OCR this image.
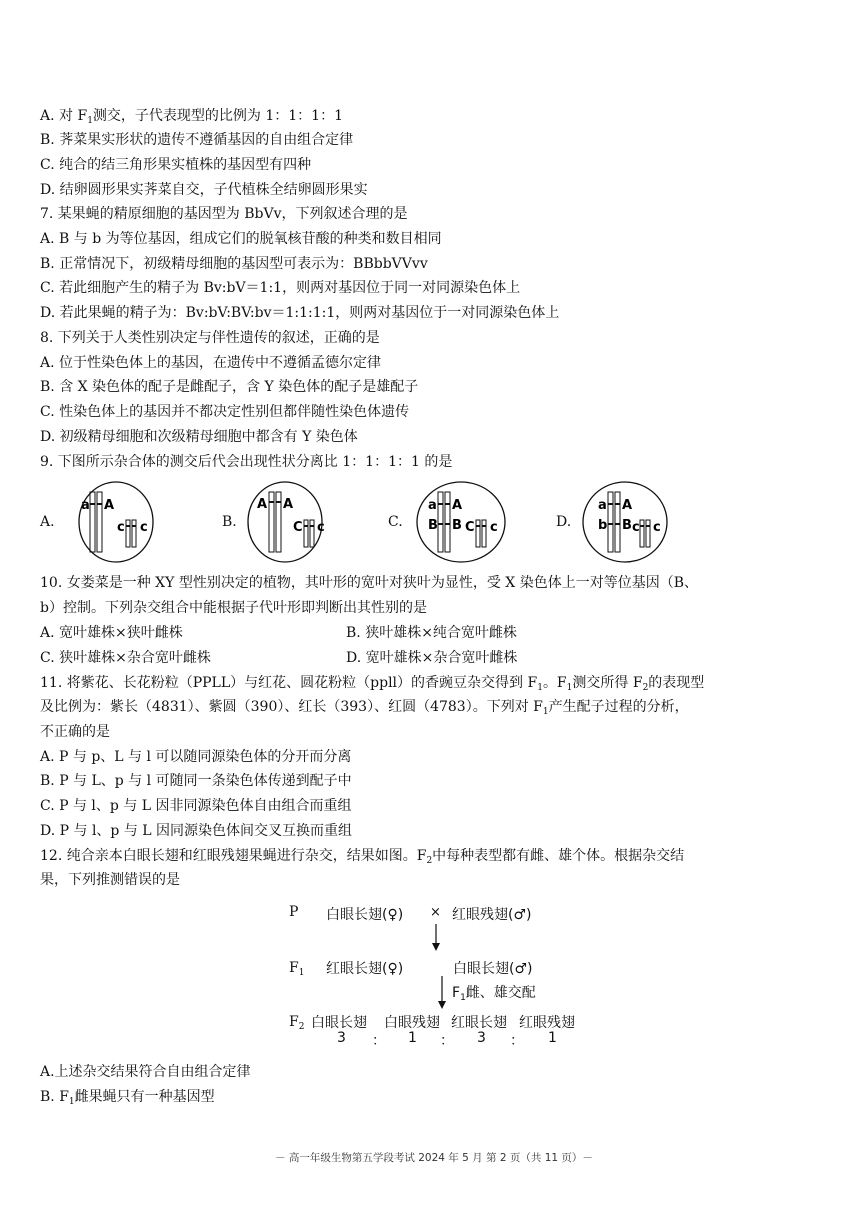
A. 对 $F_1$测交，子代表现型的比例为 1：1：1：1
B. 荠菜果实形状的遗传不遵循基因的自由组合定律
C. 纯合的结三角形果实植株的基因型有四种
D. 结卵圆形果实荠菜自交，子代植株全结卵圆形果实
7. 某果蝇的精原细胞的基因型为 BbVv，下列叙述合理的是
A. B 与 b 为等位基因，组成它们的脱氧核苷酸的种类和数目相同
B. 正常情况下，初级精母细胞的基因型可表示为：BBbbVVvv
C. 若此细胞产生的精子为 Bv:bV＝1:1，则两对基因位于同一对同源染色体上
D. 若此果蝇的精子为：Bv:bV:BV:bv＝1:1:1:1，则两对基因位于一对同源染色体上
8. 下列关于人类性别决定与伴性遗传的叙述，正确的是
A. 位于性染色体上的基因，在遗传中不遵循孟德尔定律
B. 含 X 染色体的配子是雌配子，含 Y 染色体的配子是雄配子
C. 性染色体上的基因并不都决定性别但都伴随性染色体遗传
D. 初级精母细胞和次级精母细胞中都含有 Y 染色体
9. 下图所示杂合体的测交后代会出现性状分离比 1：1：1：1 的是
A.
a A
c c	B.
A A
C c	C.
a A
B B C c	D.
a A
b B c c
10. 女娄菜是一种 XY 型性别决定的植物，其叶形的宽叶对狭叶为显性，受 X 染色体上一对等位基因（B、
b）控制。下列杂交组合中能根据子代叶形即判断出其性别的是
A. 宽叶雄株×狭叶雌株	B. 狭叶雄株×纯合宽叶雌株
C. 狭叶雄株×杂合宽叶雌株	D. 宽叶雄株×杂合宽叶雌株
11. 将紫花、长花粉粒（PPLL）与红花、圆花粉粒（ppll）的香豌豆杂交得到 $F_1$。$F_1$测交所得 $F_2$的表现型
及比例为：紫长（4831）、紫圆（390）、红长（393）、红圆（4783）。下列对 $F_1$产生配子过程的分析，
不正确的是
A. P 与 p、L 与 l 可以随同源染色体的分开而分离
B. P 与 L、p 与 l 可随同一条染色体传递到配子中
C. P 与 l、p 与 L 因非同源染色体自由组合而重组
D. P 与 l、p 与 L 因同源染色体间交叉互换而重组
12. 纯合亲本白眼长翅和红眼残翅果蝇进行杂交，结果如图。$F_2$中每种表型都有雌、雄个体。根据杂交结
果，下列推测错误的是
P 白眼长翅(♀) × 红眼残翅(♂)
$F_1$ 红眼长翅(♀)	白眼长翅(♂)
$F_1$雌、雄交配
$F_2$ 白眼长翅 白眼残翅 红眼长翅 红眼残翅
3 ： 1 ： 3 ： 1
A.上述杂交结果符合自由组合定律
B. $F_1$雌果蝇只有一种基因型
－ 高一年级生物第五学段考试 2024 年 5 月 第 2 页（共 11 页）－
